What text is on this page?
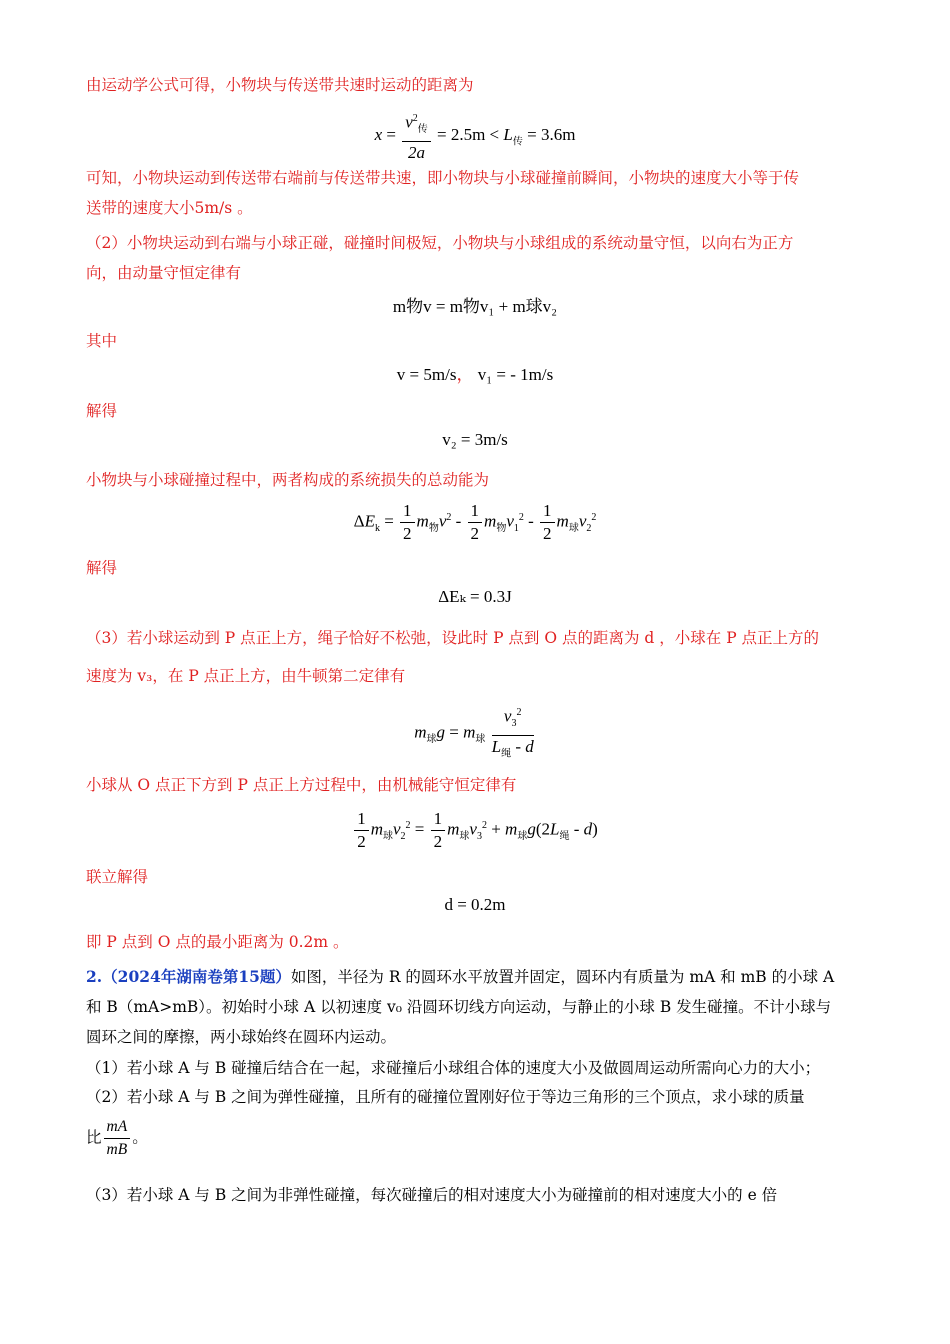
由运动学公式可得，小物块与传送带共速时运动的距离为
$x = \frac{v^2_传}{2a} = 2.5m < L_传 = 3.6m$
可知，小物块运动到传送带右端前与传送带共速，即小物块与小球碰撞前瞬间，小物块的速度大小等于传
送带的速度大小5m/s 。
（2）小物块运动到右端与小球正碰，碰撞时间极短，小物块与小球组成的系统动量守恒，以向右为正方
向，由动量守恒定律有
m物v = m物v₁ + m球v₂
其中
v = 5m/s， v₁ = - 1m/s
解得
v₂ = 3m/s
小物块与小球碰撞过程中，两者构成的系统损失的总动能为
$\Delta E_k = \frac{1}{2} m_物v^2 - \frac{1}{2} m_物v_1^2 - \frac{1}{2} m_球v_2^2$
解得
ΔEₖ = 0.3J
（3）若小球运动到 P 点正上方，绳子恰好不松弛，设此时 P 点到 O 点的距离为 d ，小球在 P 点正上方的
速度为 v₃，在 P 点正上方，由牛顿第二定律有
$m_球g = m_球 \frac{v_3^2}{L_绳 - d}$
小球从 O 点正下方到 P 点正上方过程中，由机械能守恒定律有
$\frac{1}{2} m_球v_2^2 = \frac{1}{2} m_球v_3^2 + m_球g(2L_绳 - d)$
联立解得
d = 0.2m
即 P 点到 O 点的最小距离为 0.2m 。
2.（2024年湖南卷第15题）如图，半径为 R 的圆环水平放置并固定，圆环内有质量为 mA 和 mB 的小球 A
和 B（mA>mB）。初始时小球 A 以初速度 v₀ 沿圆环切线方向运动，与静止的小球 B 发生碰撞。不计小球与
圆环之间的摩擦，两小球始终在圆环内运动。
（1）若小球 A 与 B 碰撞后结合在一起，求碰撞后小球组合体的速度大小及做圆周运动所需向心力的大小；
（2）若小球 A 与 B 之间为弹性碰撞，且所有的碰撞位置刚好位于等边三角形的三个顶点，求小球的质量
比 $\frac{mA}{mB}$ 。
（3）若小球 A 与 B 之间为非弹性碰撞，每次碰撞后的相对速度大小为碰撞前的相对速度大小的 e 倍
